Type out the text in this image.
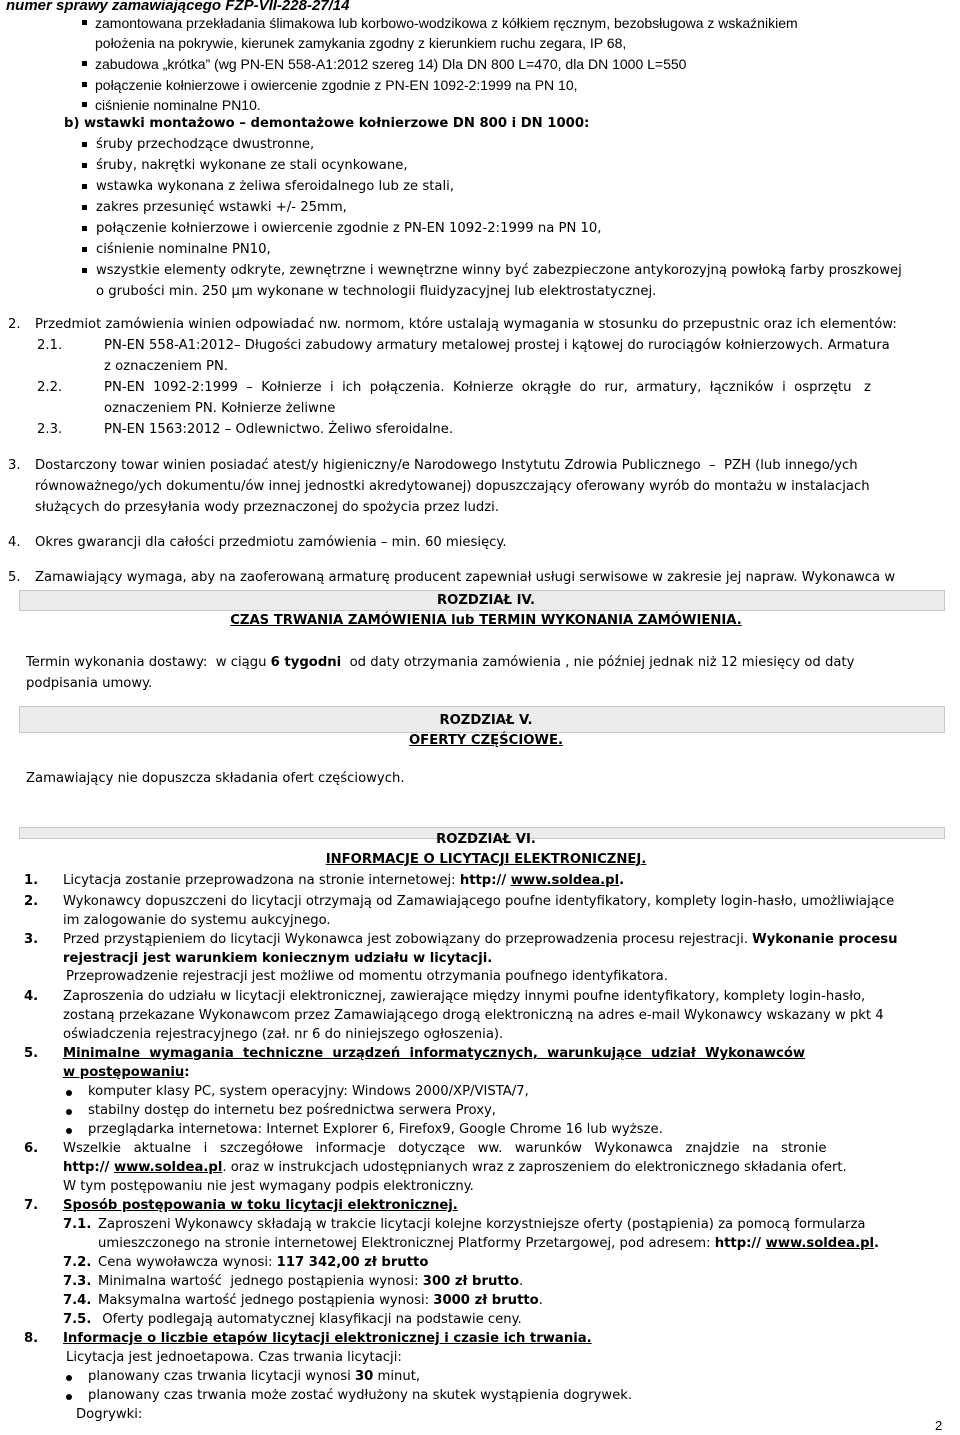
numer sprawy zamawiającego FZP-VII-228-27/14
zamontowana przekładania ślimakowa lub korbowo-wodzikowa z kółkiem ręcznym, bezobsługowa z wskaźnikiem
położenia na pokrywie, kierunek zamykania zgodny z kierunkiem ruchu zegara, IP 68,
zabudowa „krótka” (wg PN-EN 558-A1:2012 szereg 14) Dla DN 800 L=470, dla DN 1000 L=550
połączenie kołnierzowe i owiercenie zgodnie z PN-EN 1092-2:1999 na PN 10,
ciśnienie nominalne PN10.
b) wstawki montażowo – demontażowe kołnierzowe DN 800 i DN 1000:
śruby przechodzące dwustronne,
śruby, nakrętki wykonane ze stali ocynkowane,
wstawka wykonana z żeliwa sferoidalnego lub ze stali,
zakres przesunięć wstawki +/- 25mm,
połączenie kołnierzowe i owiercenie zgodnie z PN-EN 1092-2:1999 na PN 10,
ciśnienie nominalne PN10,
wszystkie elementy odkryte, zewnętrzne i wewnętrzne winny być zabezpieczone antykorozyjną powłoką farby proszkowej
o grubości min. 250 µm wykonane w technologii fluidyzacyjnej lub elektrostatycznej.
2. Przedmiot zamówienia winien odpowiadać nw. normom, które ustalają wymagania w stosunku do przepustnic oraz ich elementów:
2.1.	PN-EN 558-A1:2012– Długości zabudowy armatury metalowej prostej i kątowej do rurociągów kołnierzowych. Armatura
z oznaczeniem PN.
2.2.	PN-EN  1092-2:1999  –  Kołnierze  i  ich  połączenia.  Kołnierze  okrągłe  do  rur,  armatury,  łączników  i  osprzętu   z
oznaczeniem PN. Kołnierze żeliwne
2.3.	PN-EN 1563:2012 – Odlewnictwo. Żeliwo sferoidalne.
3. Dostarczony towar winien posiadać atest/y higieniczny/e Narodowego Instytutu Zdrowia Publicznego  –  PZH (lub innego/ych
równoważnego/ych dokumentu/ów innej jednostki akredytowanej) dopuszczający oferowany wyrób do montażu w instalacjach
służących do przesyłania wody przeznaczonej do spożycia przez ludzi.
4. Okres gwarancji dla całości przedmiotu zamówienia – min. 60 miesięcy.
5. Zamawiający wymaga, aby na zaoferowaną armaturę producent zapewniał usługi serwisowe w zakresie jej napraw. Wykonawca w
ROZDZIAŁ IV.
CZAS TRWANIA ZAMÓWIENIA lub TERMIN WYKONANIA ZAMÓWIENIA.
Termin wykonania dostawy:  w ciągu 6 tygodni  od daty otrzymania zamówienia , nie później jednak niż 12 miesięcy od daty
podpisania umowy.
ROZDZIAŁ V.
OFERTY CZĘŚCIOWE.
Zamawiający nie dopuszcza składania ofert częściowych.
ROZDZIAŁ VI.
INFORMACJE O LICYTACJI ELEKTRONICZNEJ.
1. Licytacja zostanie przeprowadzona na stronie internetowej: http:// www.soldea.pl.
2. Wykonawcy dopuszczeni do licytacji otrzymają od Zamawiającego poufne identyfikatory, komplety login-hasło, umożliwiające
im zalogowanie do systemu aukcyjnego.
3. Przed przystąpieniem do licytacji Wykonawca jest zobowiązany do przeprowadzenia procesu rejestracji. Wykonanie procesu
rejestracji jest warunkiem koniecznym udziału w licytacji.
Przeprowadzenie rejestracji jest możliwe od momentu otrzymania poufnego identyfikatora.
4. Zaproszenia do udziału w licytacji elektronicznej, zawierające między innymi poufne identyfikatory, komplety login-hasło,
zostaną przekazane Wykonawcom przez Zamawiającego drogą elektroniczną na adres e-mail Wykonawcy wskazany w pkt 4
oświadczenia rejestracyjnego (zał. nr 6 do niniejszego ogłoszenia).
5. Minimalne  wymagania  techniczne  urządzeń  informatycznych,  warunkujące  udział  Wykonawców
w postępowaniu:
komputer klasy PC, system operacyjny: Windows 2000/XP/VISTA/7,
stabilny dostęp do internetu bez pośrednictwa serwera Proxy,
przeglądarka internetowa: Internet Explorer 6, Firefox9, Google Chrome 16 lub wyższe.
6. Wszelkie   aktualne   i   szczegółowe   informacje   dotyczące   ww.   warunków   Wykonawca   znajdzie   na   stronie
http:// www.soldea.pl. oraz w instrukcjach udostępnianych wraz z zaproszeniem do elektronicznego składania ofert.
W tym postępowaniu nie jest wymagany podpis elektroniczny.
7. Sposób postępowania w toku licytacji elektronicznej.
7.1. Zaproszeni Wykonawcy składają w trakcie licytacji kolejne korzystniejsze oferty (postąpienia) za pomocą formularza
umieszczonego na stronie internetowej Elektronicznej Platformy Przetargowej, pod adresem: http:// www.soldea.pl.
7.2. Cena wywoławcza wynosi: 117 342,00 zł brutto
7.3. Minimalna wartość  jednego postąpienia wynosi: 300 zł brutto.
7.4. Maksymalna wartość jednego postąpienia wynosi: 3000 zł brutto.
7.5. Oferty podlegają automatycznej klasyfikacji na podstawie ceny.
8. Informacje o liczbie etapów licytacji elektronicznej i czasie ich trwania.
Licytacja jest jednoetapowa. Czas trwania licytacji:
planowany czas trwania licytacji wynosi 30 minut,
planowany czas trwania może zostać wydłużony na skutek wystąpienia dogrywek.
Dogrywki:
2
